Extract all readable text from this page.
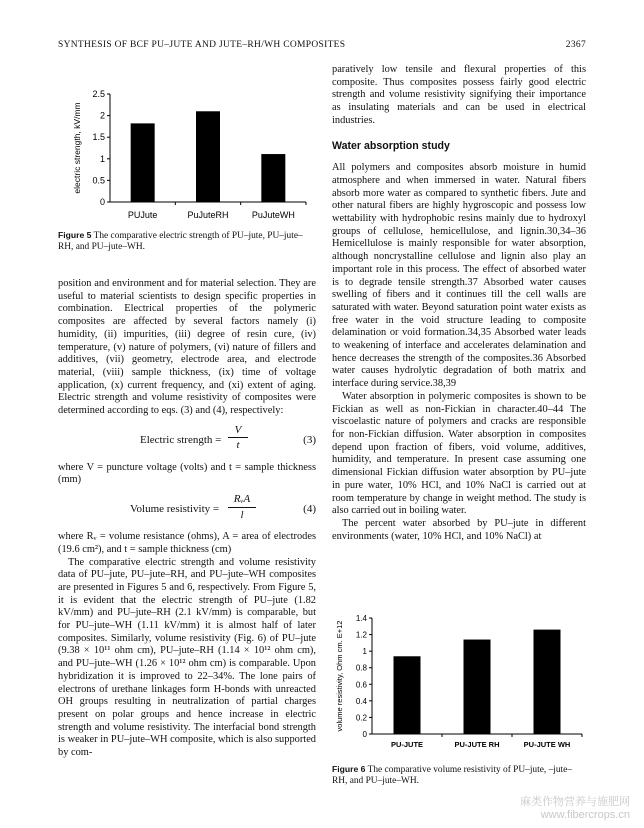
SYNTHESIS OF BCF PU–JUTE AND JUTE–RH/WH COMPOSITES	2367
0
0.5
1
1.5
2
2.5
electric strength, kV/mm
PUJute	PuJuteRH	PuJuteWH
Figure 5 The comparative electric strength of PU–jute, PU–jute–RH, and PU–jute–WH.

position and environment and for material selection. They are useful to material scientists to design specific properties in combination. Electrical properties of the polymeric composites are affected by several factors namely (i) humidity, (ii) impurities, (iii) degree of resin cure, (iv) temperature, (v) nature of polymers, (vi) nature of fillers and additives, (vii) geometry, electrode area, and electrode material, (viii) sample thickness, (ix) time of voltage application, (x) current frequency, and (xi) extent of aging. Electric strength and volume resistivity of composites were determined according to eqs. (3) and (4), respectively:

Electric strength = $\frac{V}{t}$	(3)

where V = puncture voltage (volts) and t = sample thickness (mm)

Volume resistivity =
RᵥA
l	(4)

where Rᵥ = volume resistance (ohms), A = area of electrodes (19.6 cm²), and t = sample thickness (cm)

The comparative electric strength and volume resistivity data of PU–jute, PU–jute–RH, and PU–jute–WH composites are presented in Figures 5 and 6, respectively. From Figure 5, it is evident that the electric strength of PU–jute (1.82 kV/mm) and PU–jute–RH (2.1 kV/mm) is comparable, but for PU–jute–WH (1.11 kV/mm) it is almost half of later composites. Similarly, volume resistivity (Fig. 6) of PU–jute (9.38 × 10¹¹ ohm cm), PU–jute–RH (1.14 × 10¹² ohm cm), and PU–jute–WH (1.26 × 10¹² ohm cm) is comparable. Upon hybridization it is improved to 22–34%. The lone pairs of electrons of urethane linkages form H-bonds with unreacted OH groups resulting in neutralization of partial charges present on polar groups and hence increase in electric strength and volume resistivity. The interfacial bond strength is weaker in PU–jute–WH composite, which is also supported by com-

paratively low tensile and flexural properties of this composite. Thus composites possess fairly good electric strength and volume resistivity signifying their importance as insulating materials and can be used in electrical industries.

Water absorption study

All polymers and composites absorb moisture in humid atmosphere and when immersed in water. Natural fibers absorb more water as compared to synthetic fibers. Jute and other natural fibers are highly hygroscopic and possess low wettability with hydrophobic resins mainly due to hydroxyl groups of cellulose, hemicellulose, and lignin.30,34–36 Hemicellulose is mainly responsible for water absorption, although noncrystalline cellulose and lignin also play an important role in this process. The effect of absorbed water is to degrade tensile strength.37 Absorbed water causes swelling of fibers and it continues till the cell walls are saturated with water. Beyond saturation point water exists as free water in the void structure leading to composite delamination or void formation.34,35 Absorbed water leads to weakening of interface and accelerates delamination and hence decreases the strength of the composites.36 Absorbed water causes hydrolytic degradation of both matrix and interface during service.38,39

Water absorption in polymeric composites is shown to be Fickian as well as non-Fickian in character.40–44 The viscoelastic nature of polymers and cracks are responsible for non-Fickian diffusion. Water absorption in composites depend upon fraction of fibers, void volume, additives, humidity, and temperature. In present case assuming one dimensional Fickian diffusion water absorption by PU–jute in pure water, 10% HCl, and 10% NaCl is carried out at room temperature by change in weight method. The study is also carried out in boiling water.

The percent water absorbed by PU–jute in different environments (water, 10% HCl, and 10% NaCl) at

0
0.2
0.4
0.6
0.8
1
1.2
1.4
volume resistivity, Ohm cm. E+12
PU-JUTE	PU-JUTE RH	PU-JUTE WH
Figure 6 The comparative volume resistivity of PU–jute, –jute–RH, and PU–jute–WH.
麻类作物营养与施肥网
www.fibercrops.cn
